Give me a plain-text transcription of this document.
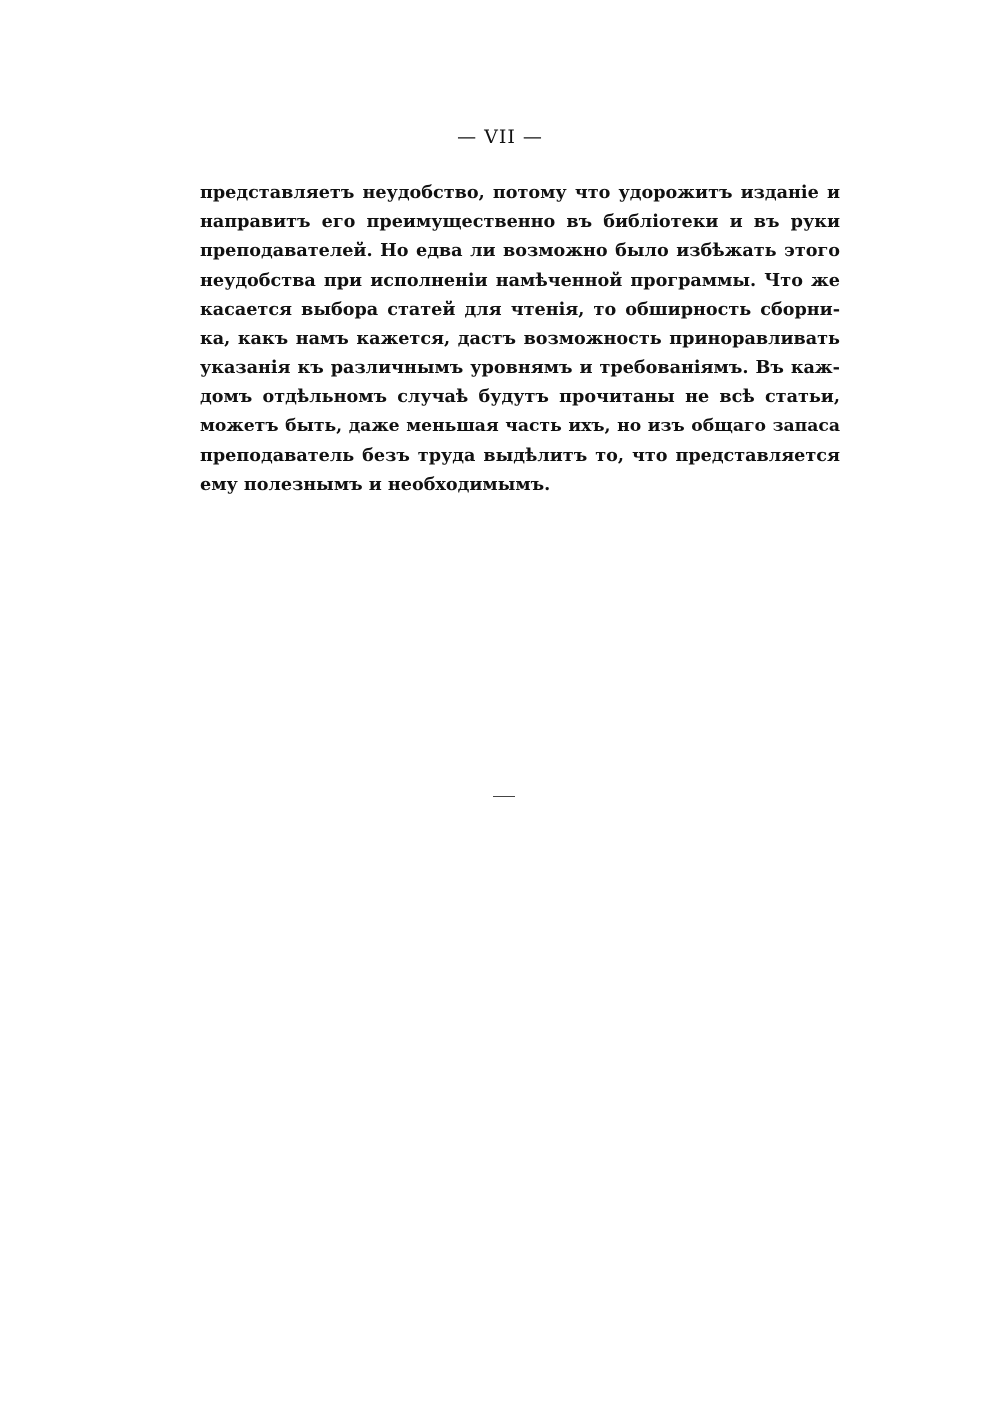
— VII —
представляетъ неудобство, потому что удорожитъ изданіе и
направитъ его преимущественно въ библіотеки и въ руки
преподавателей. Но едва ли возможно было избѣжать этого
неудобства при исполненіи намѣченной программы. Что же
касается выбора статей для чтенія, то обширность сборни-
ка, какъ намъ кажется, дастъ возможность приноравливать
указанія къ различнымъ уровнямъ и требованіямъ. Въ каж-
домъ отдѣльномъ случаѣ будутъ прочитаны не всѣ статьи,
можетъ быть, даже меньшая часть ихъ, но изъ общаго запаса
преподаватель безъ труда выдѣлитъ то, что представляется
ему полезнымъ и необходимымъ.
